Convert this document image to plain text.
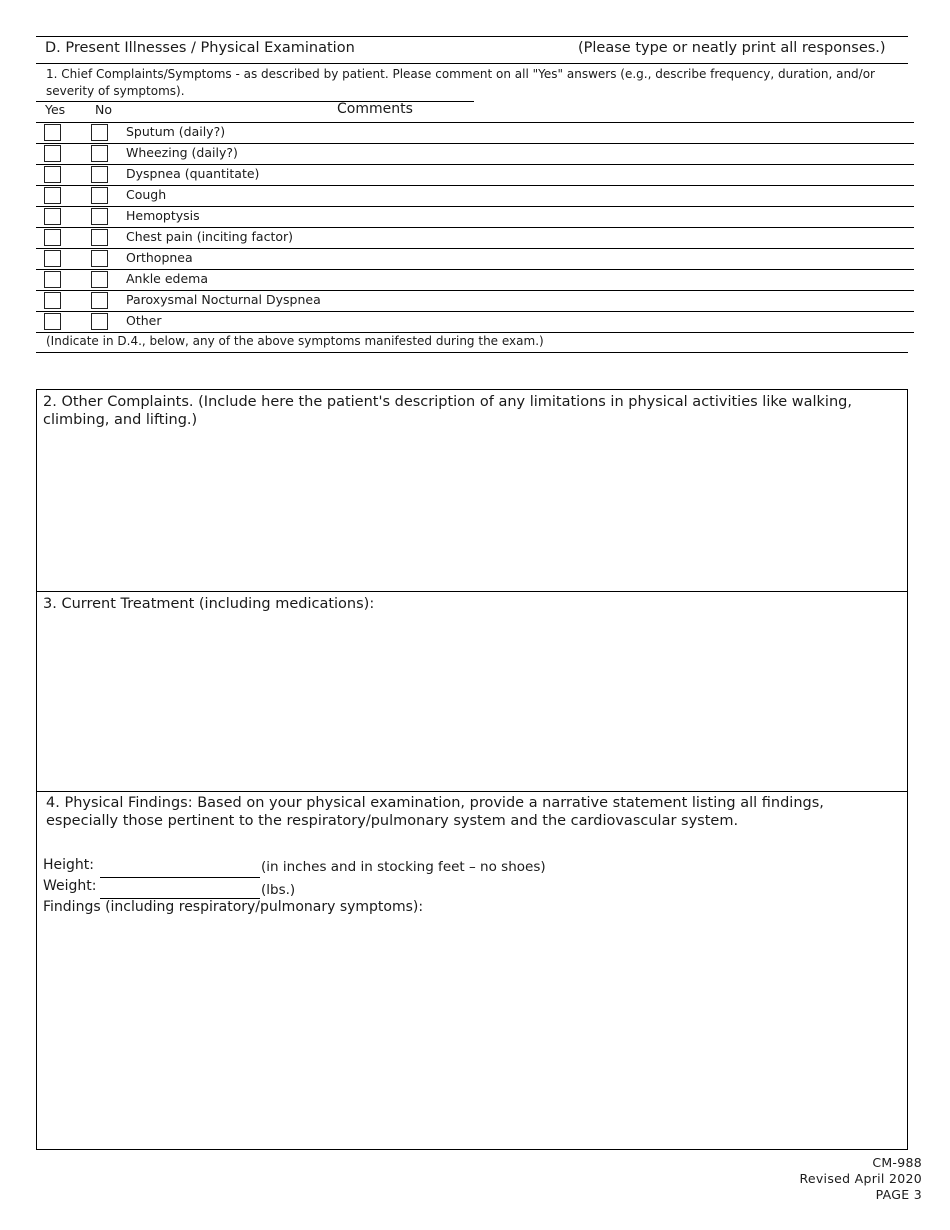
D. Present Illnesses / Physical Examination	(Please type or neatly print all responses.)
1. Chief Complaints/Symptoms - as described by patient. Please comment on all "Yes" answers (e.g., describe frequency, duration, and/or severity of symptoms).
Yes No	Comments
Sputum (daily?)
Wheezing (daily?)
Dyspnea (quantitate)
Cough
Hemoptysis
Chest pain (inciting factor)
Orthopnea
Ankle edema
Paroxysmal Nocturnal Dyspnea
Other
(Indicate in D.4., below, any of the above symptoms manifested during the exam.)
2. Other Complaints. (Include here the patient's description of any limitations in physical activities like walking, climbing, and lifting.)
3. Current Treatment (including medications):
4. Physical Findings: Based on your physical examination, provide a narrative statement listing all findings, especially those pertinent to the respiratory/pulmonary system and the cardiovascular system.
Height:	(in inches and in stocking feet – no shoes)
Weight:	(lbs.)
Findings (including respiratory/pulmonary symptoms):
CM-988
Revised April 2020
PAGE 3
